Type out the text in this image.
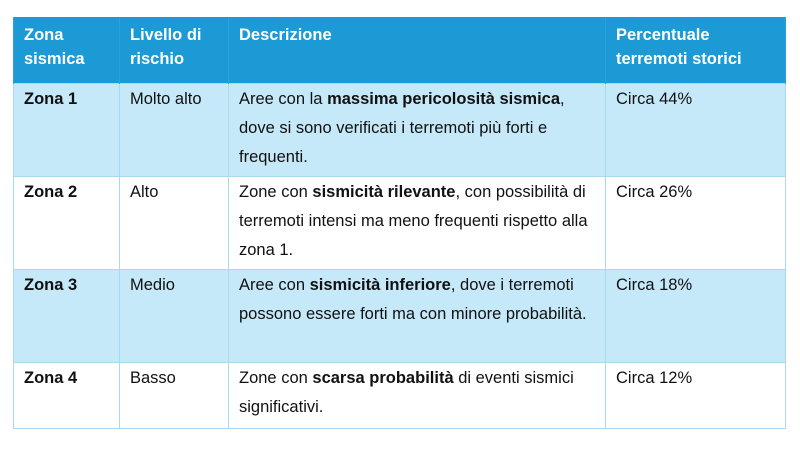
Zona sismica	Livello di rischio	Descrizione	Percentuale terremoti storici
Zona 1	Molto alto	Aree con la massima pericolosità sismica, dove si sono verificati i terremoti più forti e frequenti.	Circa 44%
Zona 2	Alto	Zone con sismicità rilevante, con possibilità di terremoti intensi ma meno frequenti rispetto alla zona 1.	Circa 26%
Zona 3	Medio	Aree con sismicità inferiore, dove i terremoti possono essere forti ma con minore probabilità.	Circa 18%
Zona 4	Basso	Zone con scarsa probabilità di eventi sismici significativi.	Circa 12%
